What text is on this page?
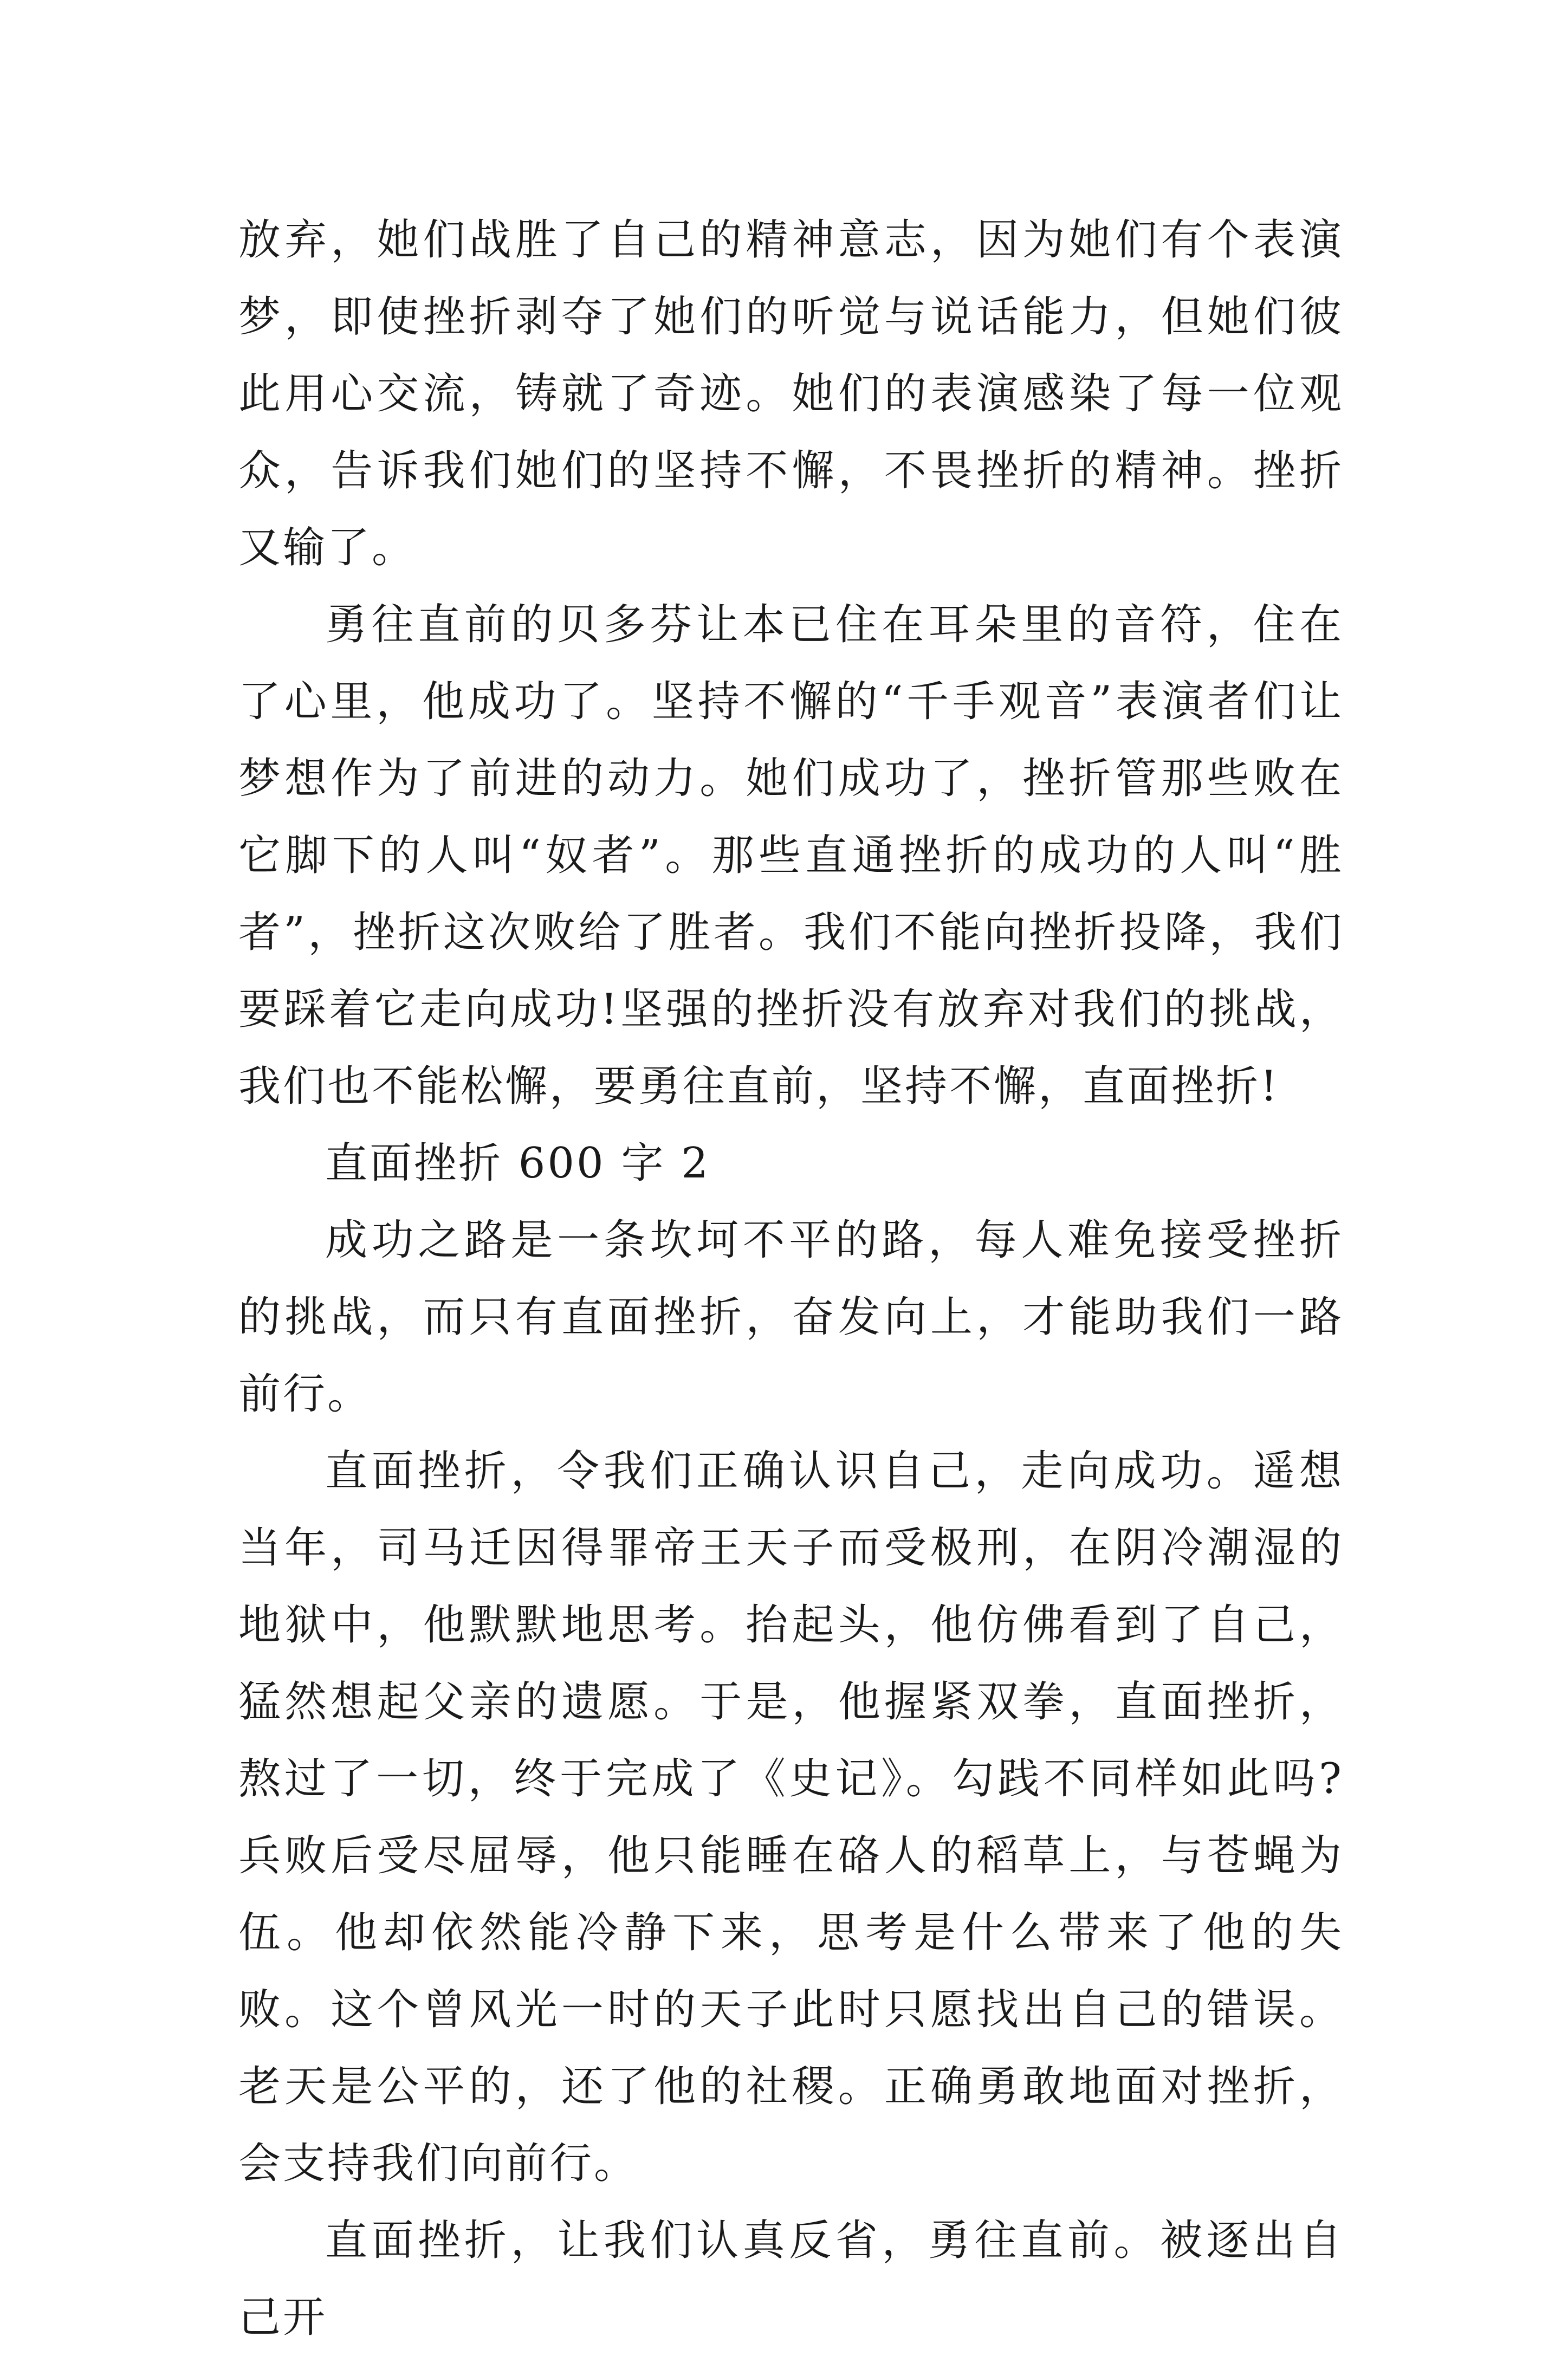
放弃，她们战胜了自己的精神意志，因为她们有个表演梦，即使挫折剥夺了她们的听觉与说话能力，但她们彼此用心交流，铸就了奇迹。她们的表演感染了每一位观众，告诉我们她们的坚持不懈，不畏挫折的精神。挫折又输了。

勇往直前的贝多芬让本已住在耳朵里的音符，住在了心里，他成功了。坚持不懈的“千手观音”表演者们让梦想作为了前进的动力。她们成功了，挫折管那些败在它脚下的人叫“奴者”。那些直通挫折的成功的人叫“胜者”，挫折这次败给了胜者。我们不能向挫折投降，我们要踩着它走向成功!坚强的挫折没有放弃对我们的挑战，我们也不能松懈，要勇往直前，坚持不懈，直面挫折!

直面挫折 600 字 2

成功之路是一条坎坷不平的路，每人难免接受挫折的挑战，而只有直面挫折，奋发向上，才能助我们一路前行。

直面挫折，令我们正确认识自己，走向成功。遥想当年，司马迁因得罪帝王天子而受极刑，在阴冷潮湿的地狱中，他默默地思考。抬起头，他仿佛看到了自己，猛然想起父亲的遗愿。于是，他握紧双拳，直面挫折，熬过了一切，终于完成了《史记》。勾践不同样如此吗?兵败后受尽屈辱，他只能睡在硌人的稻草上，与苍蝇为伍。他却依然能冷静下来，思考是什么带来了他的失败。这个曾风光一时的天子此时只愿找出自己的错误。老天是公平的，还了他的社稷。正确勇敢地面对挫折，会支持我们向前行。

直面挫折，让我们认真反省，勇往直前。被逐出自己开
